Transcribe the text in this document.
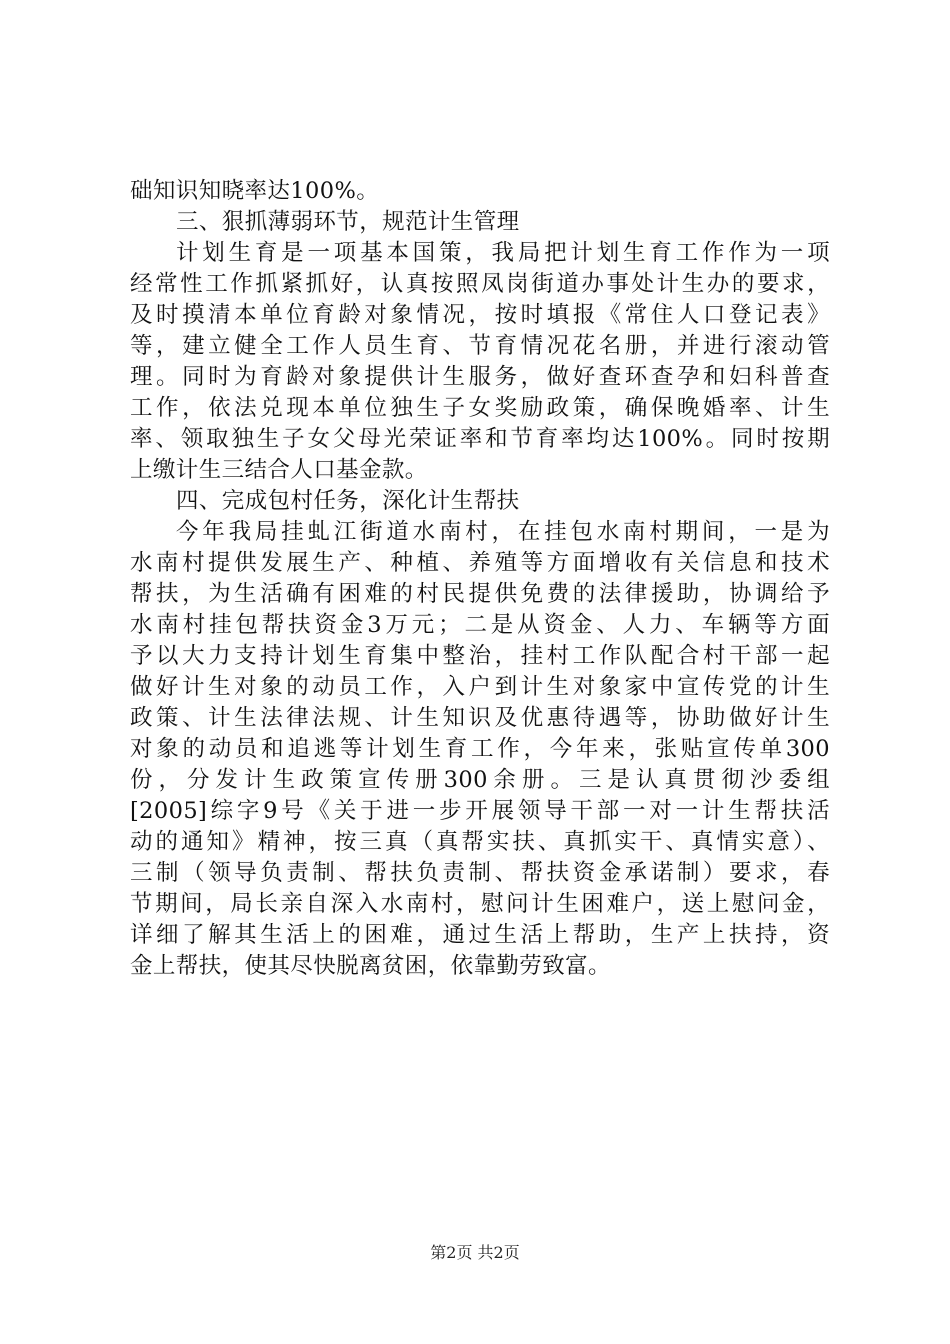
础知识知晓率达100%。
三、狠抓薄弱环节，规范计生管理
计划生育是一项基本国策，我局把计划生育工作作为一项
经常性工作抓紧抓好，认真按照凤岗街道办事处计生办的要求，
及时摸清本单位育龄对象情况，按时填报《常住人口登记表》
等，建立健全工作人员生育、节育情况花名册，并进行滚动管
理。同时为育龄对象提供计生服务，做好查环查孕和妇科普查
工作，依法兑现本单位独生子女奖励政策，确保晚婚率、计生
率、领取独生子女父母光荣证率和节育率均达100%。同时按期
上缴计生三结合人口基金款。
四、完成包村任务，深化计生帮扶
今年我局挂虬江街道水南村，在挂包水南村期间，一是为
水南村提供发展生产、种植、养殖等方面增收有关信息和技术
帮扶，为生活确有困难的村民提供免费的法律援助，协调给予
水南村挂包帮扶资金3万元；二是从资金、人力、车辆等方面
予以大力支持计划生育集中整治，挂村工作队配合村干部一起
做好计生对象的动员工作，入户到计生对象家中宣传党的计生
政策、计生法律法规、计生知识及优惠待遇等，协助做好计生
对象的动员和追逃等计划生育工作，今年来，张贴宣传单300
份，分发计生政策宣传册300余册。三是认真贯彻沙委组
[2005]综字9号《关于进一步开展领导干部一对一计生帮扶活
动的通知》精神，按三真（真帮实扶、真抓实干、真情实意）、
三制（领导负责制、帮扶负责制、帮扶资金承诺制）要求，春
节期间，局长亲自深入水南村，慰问计生困难户，送上慰问金，
详细了解其生活上的困难，通过生活上帮助，生产上扶持，资
金上帮扶，使其尽快脱离贫困，依靠勤劳致富。
第2页 共2页
